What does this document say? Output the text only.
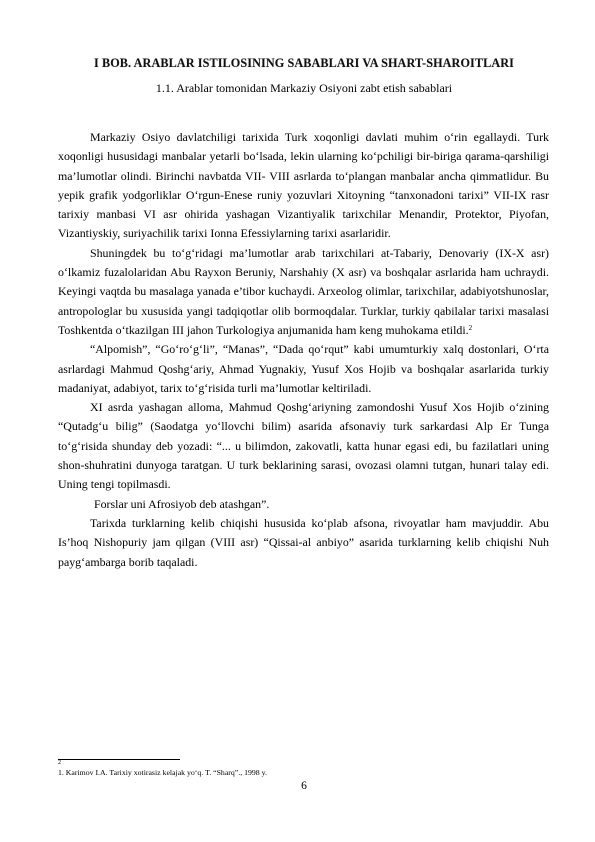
I BOB. ARABLAR ISTILOSINING SABABLARI VA SHART-SHAROITLARI
1.1. Arablar tomonidan Markaziy Osiyoni zabt etish sabablari

Markaziy Osiyo davlatchiligi tarixida Turk xoqonligi davlati muhim o‘rin egallaydi. Turk xoqonligi hususidagi manbalar yetarli bo‘lsada, lekin ularning ko‘pchiligi bir-biriga qarama-qarshiligi ma’lumotlar olindi. Birinchi navbatda VII- VIII asrlarda to‘plangan manbalar ancha qimmatlidur. Bu yepik grafik yodgorliklar O‘rgun-Enese runiy yozuvlari Xitoyning “tanxonadoni tarixi” VII-IX rasr tarixiy manbasi VI asr ohirida yashagan Vizantiyalik tarixchilar Menandir, Protektor, Piyofan, Vizantiyskiy, suriyachilik tarixi Ionna Efessiylarning tarixi asarlaridir.

Shuningdek bu to‘g‘ridagi ma’lumotlar arab tarixchilari at-Tabariy, Denovariy (IX-X asr) o‘lkamiz fuzalolaridan Abu Rayxon Beruniy, Narshahiy (X asr) va boshqalar asrlarida ham uchraydi. Keyingi vaqtda bu masalaga yanada e’tibor kuchaydi. Arxeolog olimlar, tarixchilar, adabiyotshunoslar, antropologlar bu xususida yangi tadqiqotlar olib bormoqdalar. Turklar, turkiy qabilalar tarixi masalasi Toshkentda o‘tkazilgan III jahon Turkologiya anjumanida ham keng muhokama etildi.$^2$

“Alpomish”, “Go‘ro‘g‘li”, “Manas”, “Dada qo‘rqut” kabi umumturkiy xalq dostonlari, O‘rta asrlardagi Mahmud Qoshg‘ariy, Ahmad Yugnakiy, Yusuf Xos Hojib va boshqalar asarlarida turkiy madaniyat, adabiyot, tarix to‘g‘risida turli ma’lumotlar keltiriladi.

XI asrda yashagan alloma, Mahmud Qoshg‘ariyning zamondoshi Yusuf Xos Hojib o‘zining “Qutadg‘u bilig” (Saodatga yo‘llovchi bilim) asarida afsonaviy turk sarkardasi Alp Er Tunga to‘g‘risida shunday deb yozadi: “... u bilimdon, zakovatli, katta hunar egasi edi, bu fazilatlari uning shon-shuhratini dunyoga taratgan. U turk beklarining sarasi, ovozasi olamni tutgan, hunari talay edi. Uning tengi topilmasdi.

Forslar uni Afrosiyob deb atashgan”.

Tarixda turklarning kelib chiqishi hususida ko‘plab afsona, rivoyatlar ham mavjuddir. Abu Is’hoq Nishopuriy jam qilgan (VIII asr) “Qissai-al anbiyo” asarida turklarning kelib chiqishi Nuh payg‘ambarga borib taqaladi.

2
1. Karimov I.A. Tarixiy xotirasiz kelajak yo‘q. T. “Sharq”., 1998 y.
6
